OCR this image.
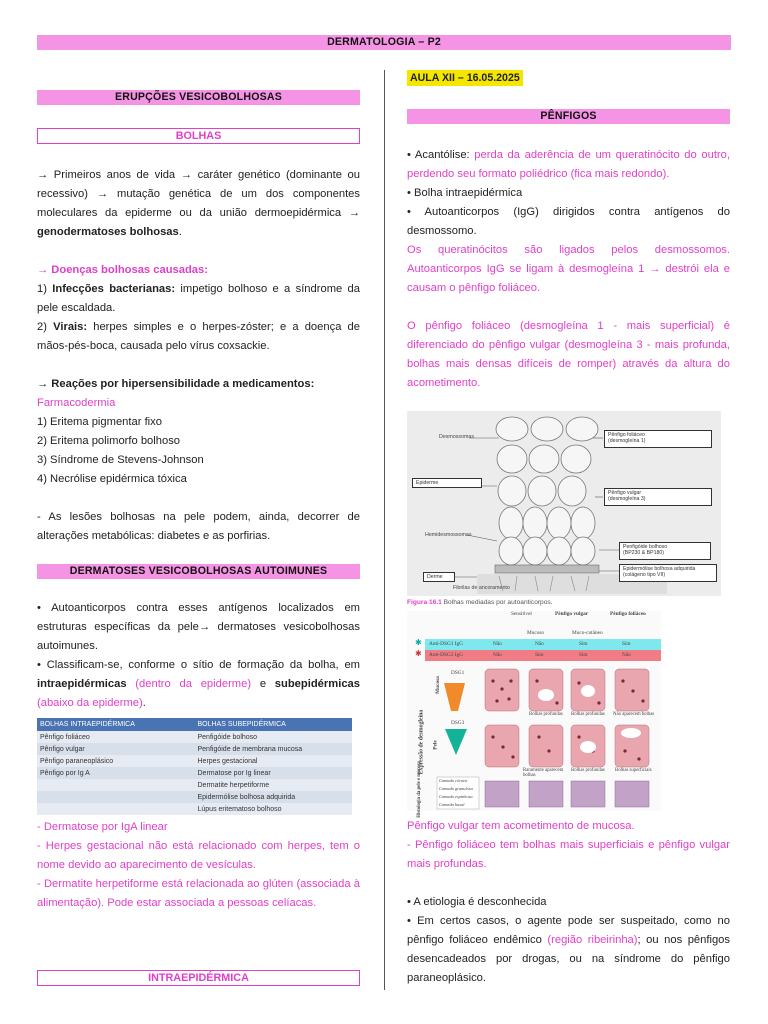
DERMATOLOGIA – P2
ERUPÇÕES VESICOBOLHOSAS
BOLHAS

→ Primeiros anos de vida → caráter genético (dominante ou recessivo) → mutação genética de um dos componentes moleculares da epiderme ou da união dermoepidérmica → genodermatoses bolhosas.

→ Doenças bolhosas causadas:

1) Infecções bacterianas: impetigo bolhoso e a síndrome da pele escaldada.

2) Virais: herpes simples e o herpes-zóster; e a doença de mãos-pés-boca, causada pelo vírus coxsackie.

→ Reações por hipersensibilidade a medicamentos:

Farmacodermia

1) Eritema pigmentar fixo

2) Eritema polimorfo bolhoso

3) Síndrome de Stevens-Johnson

4) Necrólise epidérmica tóxica

- As lesões bolhosas na pele podem, ainda, decorrer de alterações metabólicas: diabetes e as porfirias.

DERMATOSES VESICOBOLHOSAS AUTOIMUNES

• Autoanticorpos contra esses antígenos localizados em estruturas específicas da pele→ dermatoses vesicobolhosas autoimunes.

• Classificam-se, conforme o sítio de formação da bolha, em intraepidérmicas (dentro da epiderme) e subepidérmicas (abaixo da epiderme).

BOLHAS INTRAEPIDÉRMICA	BOLHAS SUBEPIDÉRMICA
Pênfigo foliáceo	Penfigóide bolhoso
Pênfigo vulgar	Penfigóide de membrana mucosa
Pênfigo paraneoplásico	Herpes gestacional
Pênfigo por Ig A	Dermatose por Ig linear
	Dermatite herpetiforme
	Epidermólise bolhosa adquirida
	Lúpus eritematoso bolhoso

- Dermatose por IgA linear

- Herpes gestacional não está relacionado com herpes, tem o nome devido ao aparecimento de vesículas.

- Dermatite herpetiforme está relacionada ao glúten (associada à alimentação). Pode estar associada a pessoas celíacas.

INTRAEPIDÉRMICA
AULA XII – 16.05.2025
PÊNFIGOS

• Acantólise: perda da aderência de um queratinócito do outro, perdendo seu formato poliédrico (fica mais redondo).

• Bolha intraepidérmica

• Autoanticorpos (IgG) dirigidos contra antígenos do desmossomo.

Os queratinócitos são ligados pelos desmossomos. Autoanticorpos IgG se ligam à desmogleína 1 → destrói ela e causam o pênfigo foliáceo.

O pênfigo foliáceo (desmogleína 1 - mais superficial) é diferenciado do pênfigo vulgar (desmogleína 3 - mais profunda, bolhas mais densas difíceis de romper) através da altura do acometimento.

Desmossomas
Epiderme
Hemidesmossomas
Derme
Fibrilas de ancoramento
Pênfigo foliáceo
(desmogleína 1)
Pênfigo vulgar
(desmogleína 3)
Penfigóide bolhoso
(BP230 & BP180)
Epidermólise bolhosa adquirida
(colágeno tipo VII)
Figura 16.1 Bolhas mediadas por autoanticorpos.
Sensitivel	Pênfigo vulgar	Pênfigo foliáceo
Mucoso	Muco-cutâneo
✱
✱
Anti-DSG1 IgG
Anti-DSG3 IgG
Não	Não	Sim	Sim
Não	Sim	Sim	Não
Expressão de desmogleína
Mucosa
Pele
Histologia da pele e mucosa
DSG1
DSG3
Bolhas profundas Bolhas profundas Não aparecem bolhas
Raramente aparecem bolhas
Bolhas profundas Bolhas superficiais
Camada córnea
Camada granulosa
Camada espinhosa
Camada basal

Pênfigo vulgar tem acometimento de mucosa.

- Pênfigo foliáceo tem bolhas mais superficiais e pênfigo vulgar mais profundas.

• A etiologia é desconhecida

• Em certos casos, o agente pode ser suspeitado, como no pênfigo foliáceo endêmico (região ribeirinha); ou nos pênfigos desencadeados por drogas, ou na síndrome do pênfigo paraneoplásico.
